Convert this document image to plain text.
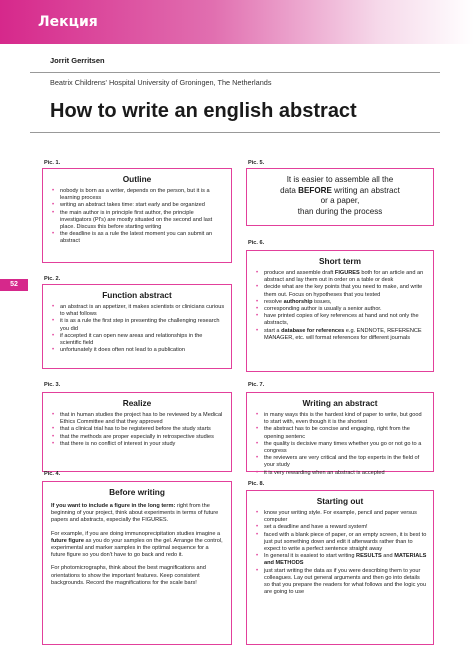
Лекция
Jorrit Gerritsen
Beatrix Childrens' Hospital University of Groningen, The Netherlands
How to write an english abstract
52
Pic. 1.
Outline
• nobody is born as a writer, depends on the person, but it is a learning process
• writing an abstract takes time: start early and be organized
• the main author is in principle first author, the principle investigators (PI's) are mostly situated on the second and last place. Discuss this before starting writing
• the deadline is as a rule the latest moment you can submit an abstract
Pic. 2.
Function abstract
• an abstract is an appetizer, it makes scientists or clinicians curious to what follows
• it is as a rule the first step in presenting the challenging research you did
• if accepted it can open new areas and relationships in the scientific field
• unfortunately it does often not lead to a publication
Pic. 3.
Realize
• that in human studies the project has to be reviewed by a Medical Ethics Committee and that they approved
• that a clinical trial has to be registered before the study starts
• that the methods are proper especially in retrospective studies
• that there is no conflict of interest in your study
Pic. 4.
Before writing
If you want to include a figure in the long term: right from the beginning of your project, think about experiments in terms of future papers and abstracts, especially the FIGURES.
For example, if you are doing immunoprecipitation studies imagine a future figure as you do your samples on the gel. Arrange the control, experimental and marker samples in the optimal sequence for a future figure so you don't have to go back and redo it.
For photomicrographs, think about the best magnifications and orientations to show the important features. Keep consistent backgrounds. Record the magnifications for the scale bars!
Pic. 5.
It is easier to assemble all the
data BEFORE writing an abstract
or a paper,
than during the process
Pic. 6.
Short term
• produce and assemble draft FIGURES both for an article and an abstract and lay them out in order on a table or desk
• decide what are the key points that you need to make, and write them out. Focus on hypotheses that you tested
• resolve authorship issues,
• corresponding author is usually a senior author.
• have printed copies of key references at hand and not only the abstracts,
• start a database for references e.g. ENDNOTE, REFERENCE MANAGER, etc. will format references for different journals
Pic. 7.
Writing an abstract
• in many ways this is the hardest kind of paper to write, but good to start with, even though it is the shortest
• the abstract has to be concise and engaging, right from the opening sentenc
• the quality is decisive many times whether you go or not go to a congress
• the reviewers are very critical and the top experts in the field of your study
• it is very rewarding when an abstract is accepted
Pic. 8.
Starting out
• know your writing style. For example, pencil and paper versus computer
• set a deadline and have a reward system!
• faced with a blank piece of paper, or an empty screen, it is best to just put something down and edit it afterwards rather than to expect to write a perfect sentence straight away
• In general it is easiest to start writing RESULTS and MATERIALS and METHODS
• just start writing the data as if you were describing them to your colleagues. Lay out general arguments and then go into details so that you prepare the readers for what follows and the logic you are going to use
